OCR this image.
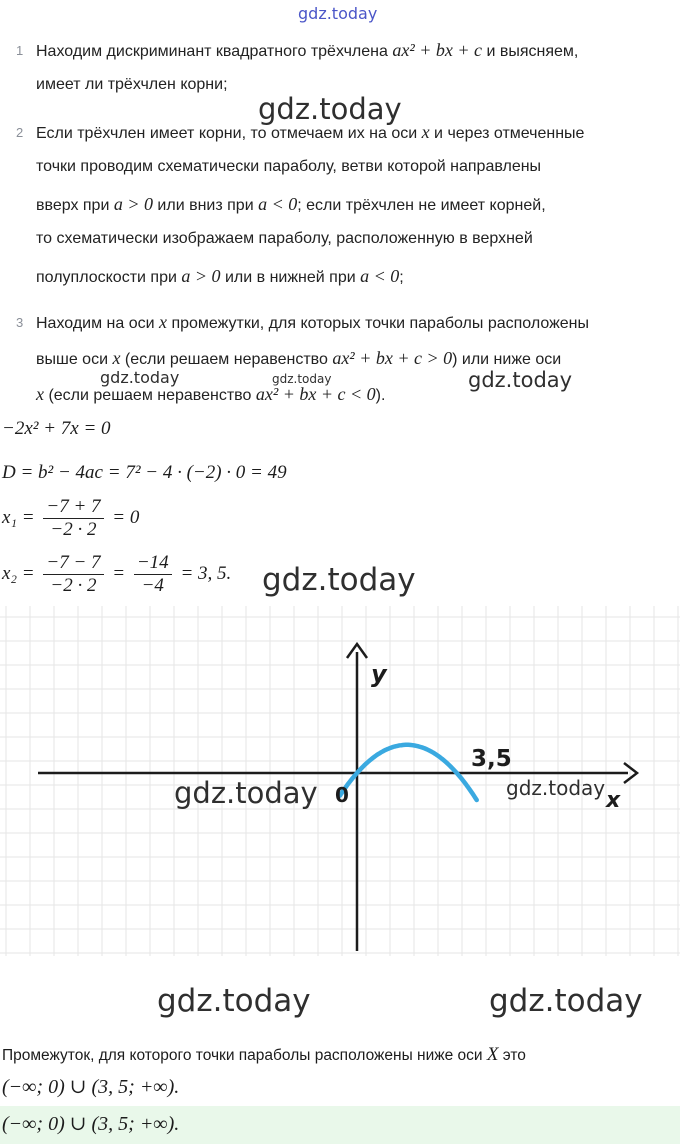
gdz.today
1 Находим дискриминант квадратного трёхчлена ax² + bx + c и выясняем,
имеет ли трёхчлен корни;
2 Если трёхчлен имеет корни, то отмечаем их на оси x и через отмеченные
точки проводим схематически параболу, ветви которой направлены
вверх при a > 0 или вниз при a < 0; если трёхчлен не имеет корней,
то схематически изображаем параболу, расположенную в верхней
полуплоскости при a > 0 или в нижней при a < 0;
3 Находим на оси x промежутки, для которых точки параболы расположены
выше оси x (если решаем неравенство ax² + bx + c > 0) или ниже оси
x (если решаем неравенство ax² + bx + c < 0).
gdz.today
gdz.today	gdz.today	gdz.today
−2x² + 7x = 0
D = b² − 4ac = 7² − 4 · (−2) · 0 = 49
$x_1 = \frac{-7 + 7}{-2 \cdot 2} = 0$
$x_2 = \frac{-7 - 7}{-2 \cdot 2} = \frac{-14}{-4} = 3$, 5. gdz.today
y
x
0
3,5
gdz.today	gdz.today
gdz.today	gdz.today
Промежуток, для которого точки параболы расположены ниже оси X это
(−∞; 0) ∪ (3, 5; +∞).
(−∞; 0) ∪ (3, 5; +∞).
